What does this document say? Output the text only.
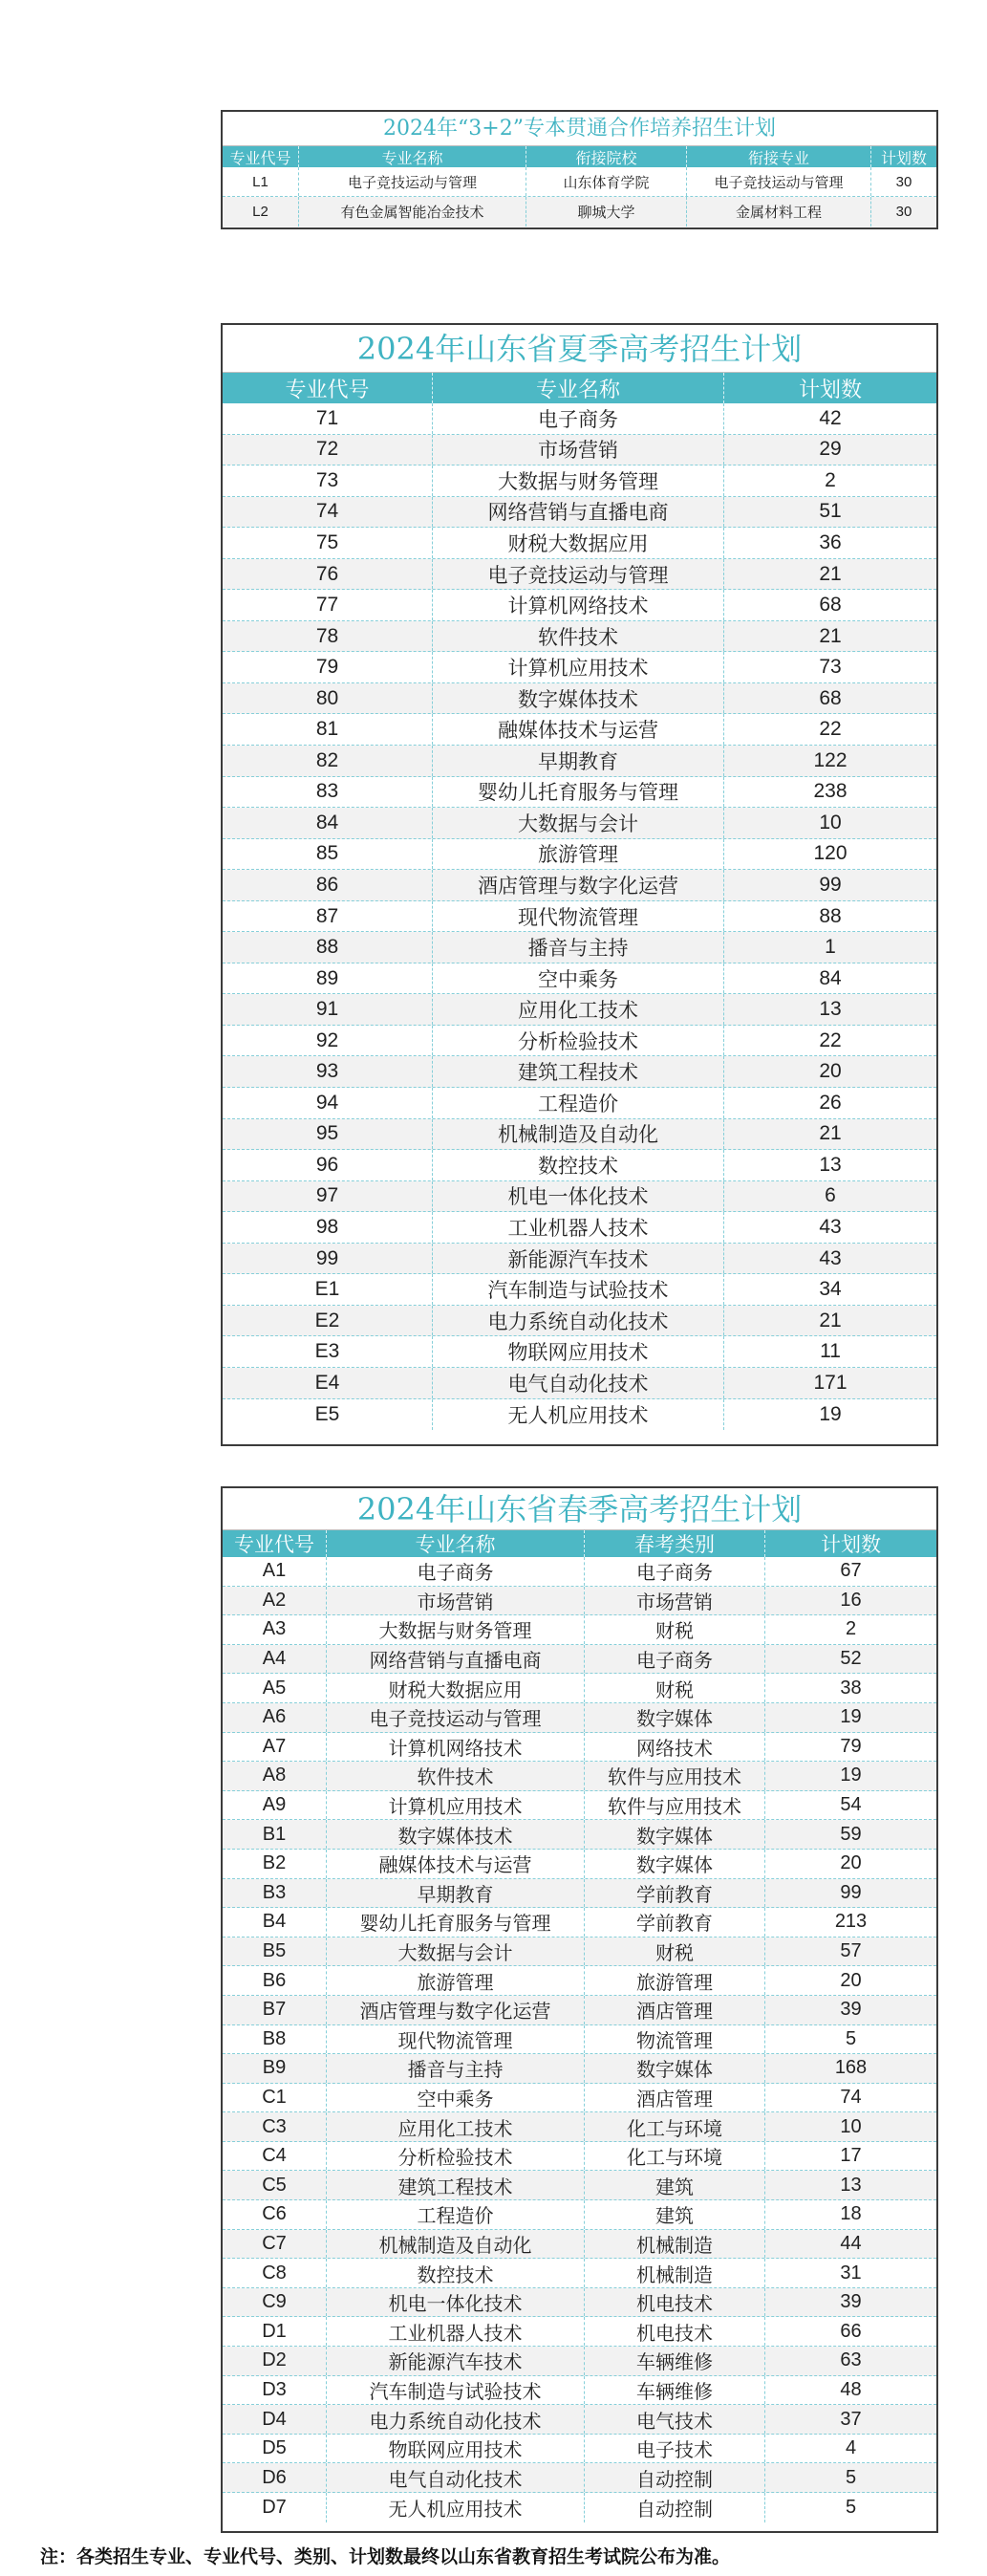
2024年“3+2”专本贯通合作培养招生计划
专业代号	专业名称	衔接院校	衔接专业	计划数
L1	电子竞技运动与管理	山东体育学院	电子竞技运动与管理	30
L2	有色金属智能冶金技术	聊城大学	金属材料工程	30
2024年山东省夏季高考招生计划
专业代号	专业名称	计划数
71	电子商务	42
72	市场营销	29
73	大数据与财务管理	2
74	网络营销与直播电商	51
75	财税大数据应用	36
76	电子竞技运动与管理	21
77	计算机网络技术	68
78	软件技术	21
79	计算机应用技术	73
80	数字媒体技术	68
81	融媒体技术与运营	22
82	早期教育	122
83	婴幼儿托育服务与管理	238
84	大数据与会计	10
85	旅游管理	120
86	酒店管理与数字化运营	99
87	现代物流管理	88
88	播音与主持	1
89	空中乘务	84
91	应用化工技术	13
92	分析检验技术	22
93	建筑工程技术	20
94	工程造价	26
95	机械制造及自动化	21
96	数控技术	13
97	机电一体化技术	6
98	工业机器人技术	43
99	新能源汽车技术	43
E1	汽车制造与试验技术	34
E2	电力系统自动化技术	21
E3	物联网应用技术	11
E4	电气自动化技术	171
E5	无人机应用技术	19
2024年山东省春季高考招生计划
专业代号	专业名称	春考类别	计划数
A1	电子商务	电子商务	67
A2	市场营销	市场营销	16
A3	大数据与财务管理	财税	2
A4	网络营销与直播电商	电子商务	52
A5	财税大数据应用	财税	38
A6	电子竞技运动与管理	数字媒体	19
A7	计算机网络技术	网络技术	79
A8	软件技术	软件与应用技术	19
A9	计算机应用技术	软件与应用技术	54
B1	数字媒体技术	数字媒体	59
B2	融媒体技术与运营	数字媒体	20
B3	早期教育	学前教育	99
B4	婴幼儿托育服务与管理	学前教育	213
B5	大数据与会计	财税	57
B6	旅游管理	旅游管理	20
B7	酒店管理与数字化运营	酒店管理	39
B8	现代物流管理	物流管理	5
B9	播音与主持	数字媒体	168
C1	空中乘务	酒店管理	74
C3	应用化工技术	化工与环境	10
C4	分析检验技术	化工与环境	17
C5	建筑工程技术	建筑	13
C6	工程造价	建筑	18
C7	机械制造及自动化	机械制造	44
C8	数控技术	机械制造	31
C9	机电一体化技术	机电技术	39
D1	工业机器人技术	机电技术	66
D2	新能源汽车技术	车辆维修	63
D3	汽车制造与试验技术	车辆维修	48
D4	电力系统自动化技术	电气技术	37
D5	物联网应用技术	电子技术	4
D6	电气自动化技术	自动控制	5
D7	无人机应用技术	自动控制	5
注：各类招生专业、专业代号、类别、计划数最终以山东省教育招生考试院公布为准。
